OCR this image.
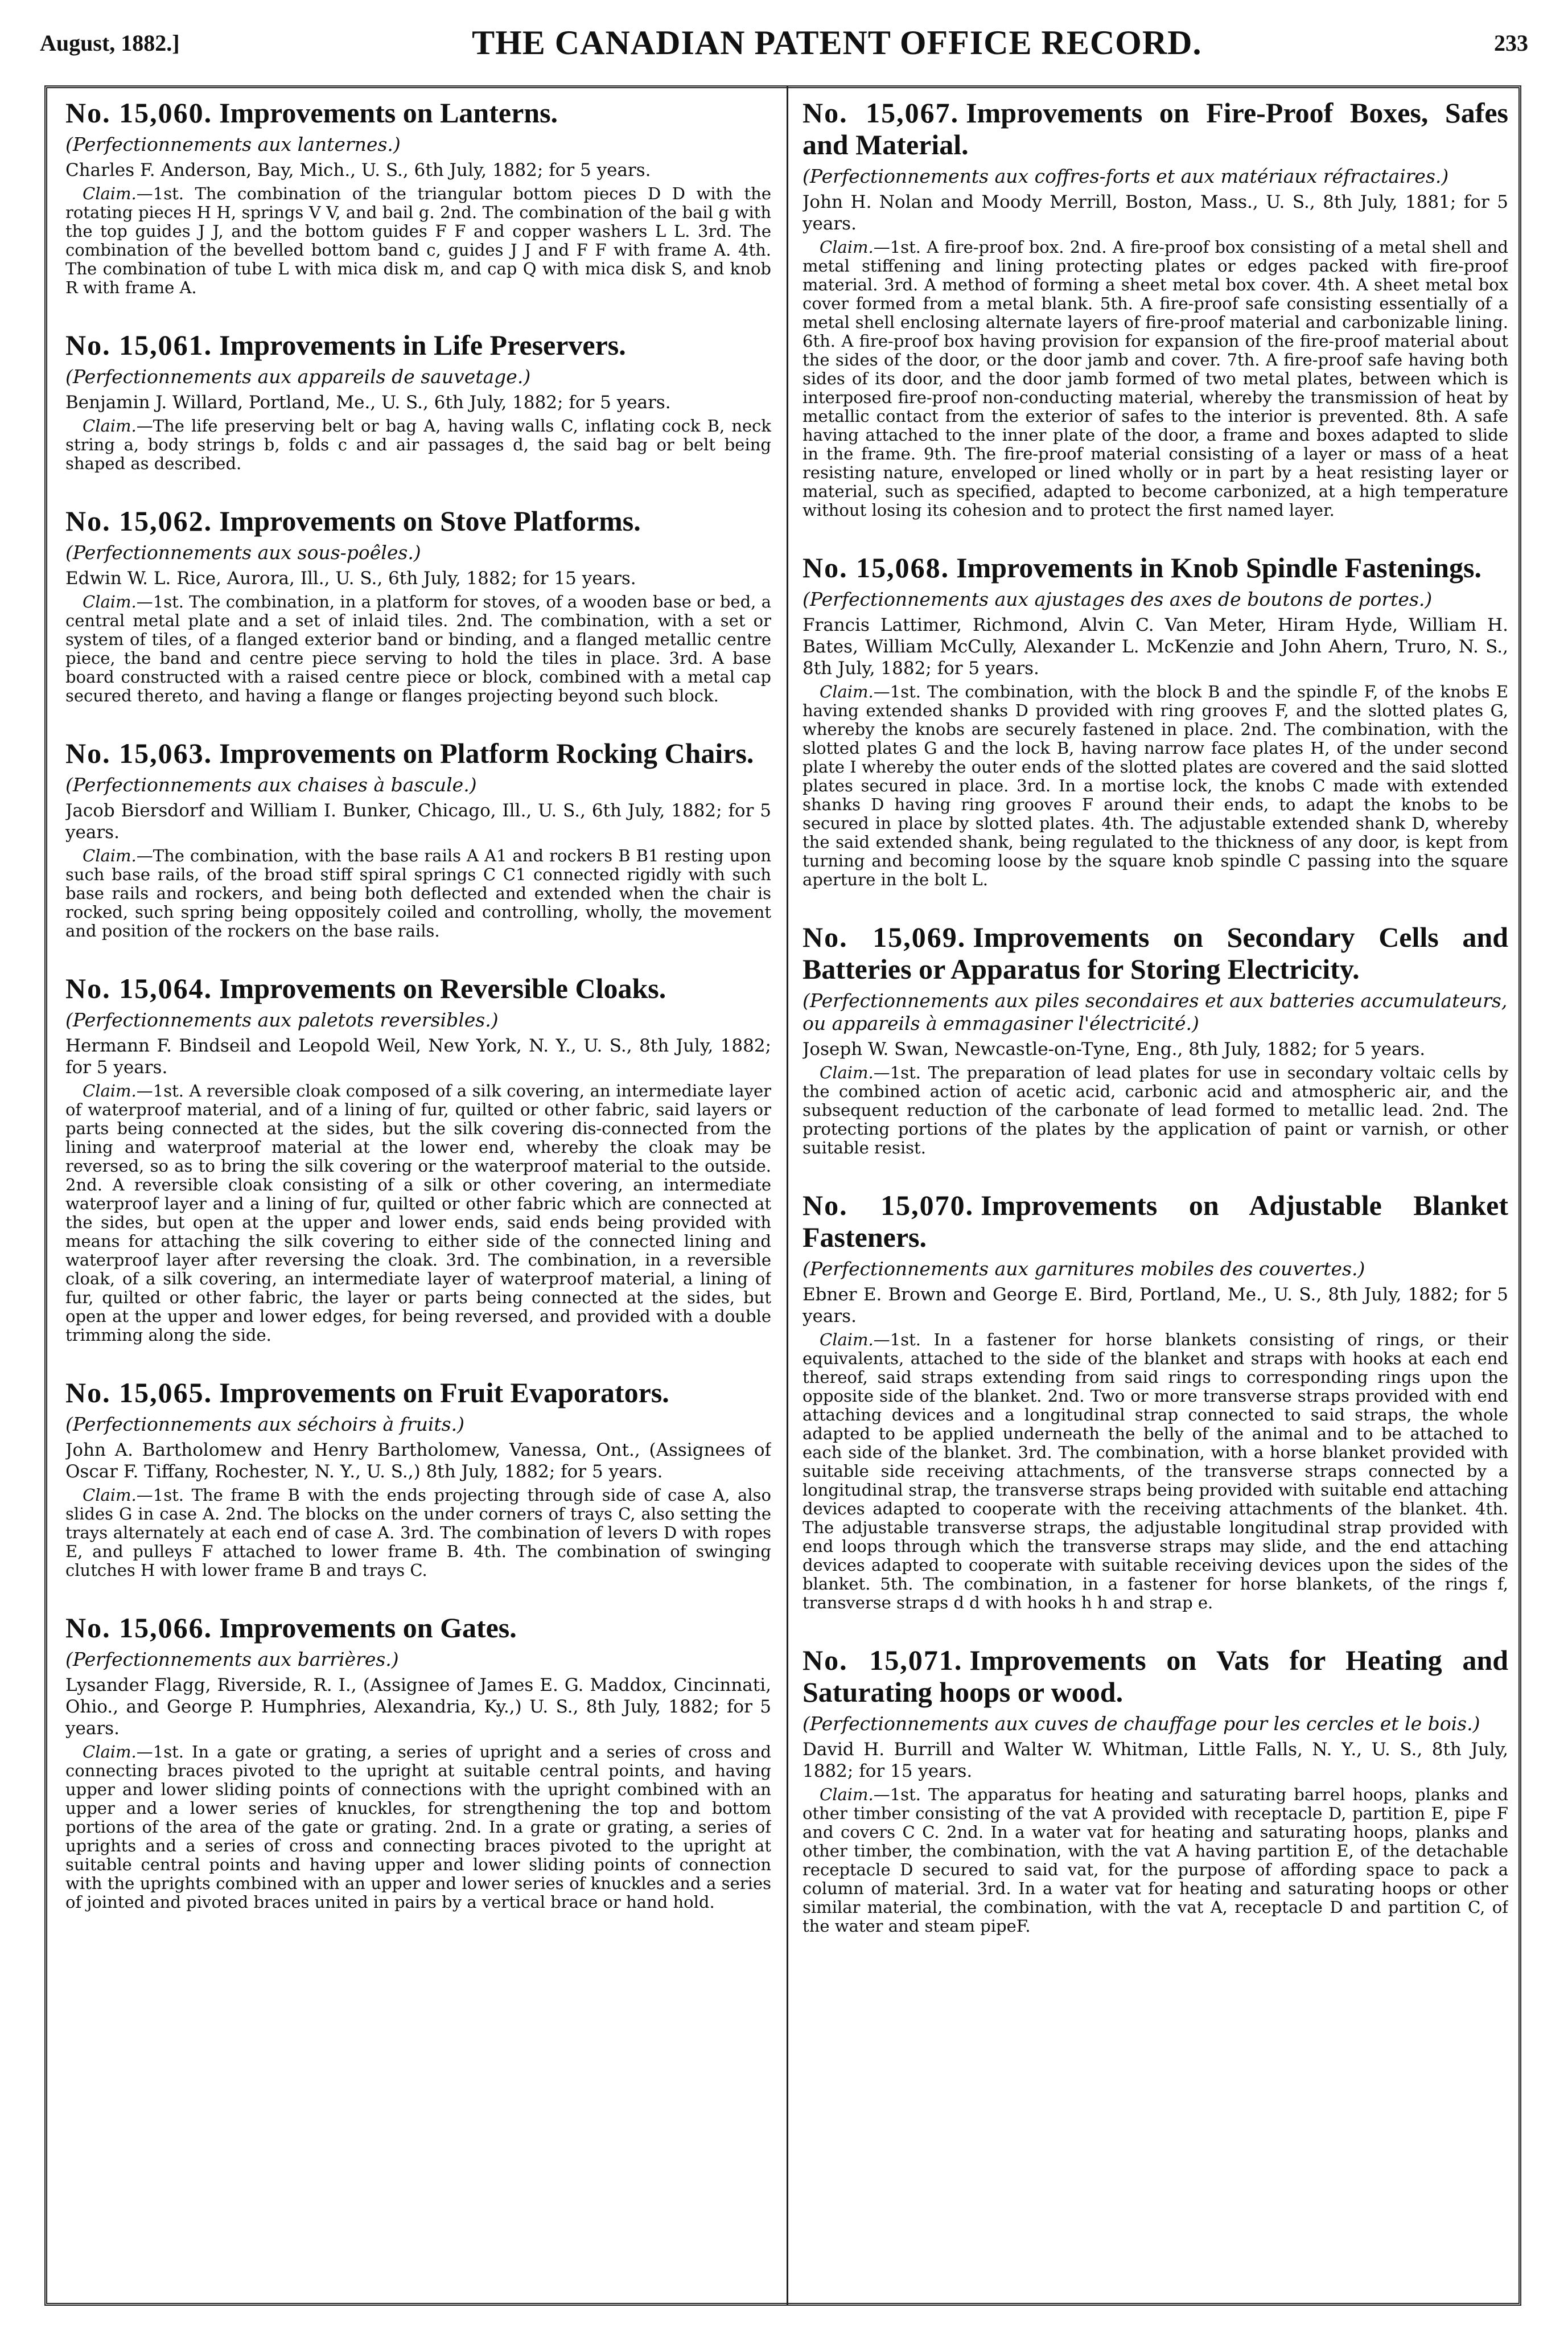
August, 1882.]	THE CANADIAN PATENT OFFICE RECORD.	233
No. 15,060. Improvements on Lanterns.
(Perfectionnements aux lanternes.)
Charles F. Anderson, Bay, Mich., U. S., 6th July, 1882; for 5 years.
Claim.—1st. The combination of the triangular bottom pieces D D with the rotating pieces H H, springs V V, and bail g. 2nd. The combination of the bail g with the top guides J J, and the bottom guides F F and copper washers L L. 3rd. The combination of the bevelled bottom band c, guides J J and F F with frame A. 4th. The combination of tube L with mica disk m, and cap Q with mica disk S, and knob R with frame A.
No. 15,061. Improvements in Life Preservers.
(Perfectionnements aux appareils de sauvetage.)
Benjamin J. Willard, Portland, Me., U. S., 6th July, 1882; for 5 years.
Claim.—The life preserving belt or bag A, having walls C, inflating cock B, neck string a, body strings b, folds c and air passages d, the said bag or belt being shaped as described.
No. 15,062. Improvements on Stove Platforms.
(Perfectionnements aux sous-poêles.)
Edwin W. L. Rice, Aurora, Ill., U. S., 6th July, 1882; for 15 years.
Claim.—1st. The combination, in a platform for stoves, of a wooden base or bed, a central metal plate and a set of inlaid tiles. 2nd. The combination, with a set or system of tiles, of a flanged exterior band or binding, and a flanged metallic centre piece, the band and centre piece serving to hold the tiles in place. 3rd. A base board constructed with a raised centre piece or block, combined with a metal cap secured thereto, and having a flange or flanges projecting beyond such block.
No. 15,063. Improvements on Platform Rocking Chairs.
(Perfectionnements aux chaises à bascule.)
Jacob Biersdorf and William I. Bunker, Chicago, Ill., U. S., 6th July, 1882; for 5 years.
Claim.—The combination, with the base rails A A1 and rockers B B1 resting upon such base rails, of the broad stiff spiral springs C C1 connected rigidly with such base rails and rockers, and being both deflected and extended when the chair is rocked, such spring being oppositely coiled and controlling, wholly, the movement and position of the rockers on the base rails.
No. 15,064. Improvements on Reversible Cloaks.
(Perfectionnements aux paletots reversibles.)
Hermann F. Bindseil and Leopold Weil, New York, N. Y., U. S., 8th July, 1882; for 5 years.
Claim.—1st. A reversible cloak composed of a silk covering, an intermediate layer of waterproof material, and of a lining of fur, quilted or other fabric, said layers or parts being connected at the sides, but the silk covering dis-connected from the lining and waterproof material at the lower end, whereby the cloak may be reversed, so as to bring the silk covering or the waterproof material to the outside. 2nd. A reversible cloak consisting of a silk or other covering, an intermediate waterproof layer and a lining of fur, quilted or other fabric which are connected at the sides, but open at the upper and lower ends, said ends being provided with means for attaching the silk covering to either side of the connected lining and waterproof layer after reversing the cloak. 3rd. The combination, in a reversible cloak, of a silk covering, an intermediate layer of waterproof material, a lining of fur, quilted or other fabric, the layer or parts being connected at the sides, but open at the upper and lower edges, for being reversed, and provided with a double trimming along the side.
No. 15,065. Improvements on Fruit Evaporators.
(Perfectionnements aux séchoirs à fruits.)
John A. Bartholomew and Henry Bartholomew, Vanessa, Ont., (Assignees of Oscar F. Tiffany, Rochester, N. Y., U. S.,) 8th July, 1882; for 5 years.
Claim.—1st. The frame B with the ends projecting through side of case A, also slides G in case A. 2nd. The blocks on the under corners of trays C, also setting the trays alternately at each end of case A. 3rd. The combination of levers D with ropes E, and pulleys F attached to lower frame B. 4th. The combination of swinging clutches H with lower frame B and trays C.
No. 15,066. Improvements on Gates.
(Perfectionnements aux barrières.)
Lysander Flagg, Riverside, R. I., (Assignee of James E. G. Maddox, Cincinnati, Ohio., and George P. Humphries, Alexandria, Ky.,) U. S., 8th July, 1882; for 5 years.
Claim.—1st. In a gate or grating, a series of upright and a series of cross and connecting braces pivoted to the upright at suitable central points, and having upper and lower sliding points of connections with the upright combined with an upper and a lower series of knuckles, for strengthening the top and bottom portions of the area of the gate or grating. 2nd. In a grate or grating, a series of uprights and a series of cross and connecting braces pivoted to the upright at suitable central points and having upper and lower sliding points of connection with the uprights combined with an upper and lower series of knuckles and a series of jointed and pivoted braces united in pairs by a vertical brace or hand hold.
No. 15,067. Improvements on Fire-Proof Boxes, Safes and Material.
(Perfectionnements aux coffres-forts et aux matériaux réfractaires.)
John H. Nolan and Moody Merrill, Boston, Mass., U. S., 8th July, 1881; for 5 years.
Claim.—1st. A fire-proof box. 2nd. A fire-proof box consisting of a metal shell and metal stiffening and lining protecting plates or edges packed with fire-proof material. 3rd. A method of forming a sheet metal box cover. 4th. A sheet metal box cover formed from a metal blank. 5th. A fire-proof safe consisting essentially of a metal shell enclosing alternate layers of fire-proof material and carbonizable lining. 6th. A fire-proof box having provision for expansion of the fire-proof material about the sides of the door, or the door jamb and cover. 7th. A fire-proof safe having both sides of its door, and the door jamb formed of two metal plates, between which is interposed fire-proof non-conducting material, whereby the transmission of heat by metallic contact from the exterior of safes to the interior is prevented. 8th. A safe having attached to the inner plate of the door, a frame and boxes adapted to slide in the frame. 9th. The fire-proof material consisting of a layer or mass of a heat resisting nature, enveloped or lined wholly or in part by a heat resisting layer or material, such as specified, adapted to become carbonized, at a high temperature without losing its cohesion and to protect the first named layer.
No. 15,068. Improvements in Knob Spindle Fastenings.
(Perfectionnements aux ajustages des axes de boutons de portes.)
Francis Lattimer, Richmond, Alvin C. Van Meter, Hiram Hyde, William H. Bates, William McCully, Alexander L. McKenzie and John Ahern, Truro, N. S., 8th July, 1882; for 5 years.
Claim.—1st. The combination, with the block B and the spindle F, of the knobs E having extended shanks D provided with ring grooves F, and the slotted plates G, whereby the knobs are securely fastened in place. 2nd. The combination, with the slotted plates G and the lock B, having narrow face plates H, of the under second plate I whereby the outer ends of the slotted plates are covered and the said slotted plates secured in place. 3rd. In a mortise lock, the knobs C made with extended shanks D having ring grooves F around their ends, to adapt the knobs to be secured in place by slotted plates. 4th. The adjustable extended shank D, whereby the said extended shank, being regulated to the thickness of any door, is kept from turning and becoming loose by the square knob spindle C passing into the square aperture in the bolt L.
No. 15,069. Improvements on Secondary Cells and Batteries or Apparatus for Storing Electricity.
(Perfectionnements aux piles secondaires et aux batteries accumulateurs, ou appareils à emmagasiner l'électricité.)
Joseph W. Swan, Newcastle-on-Tyne, Eng., 8th July, 1882; for 5 years.
Claim.—1st. The preparation of lead plates for use in secondary voltaic cells by the combined action of acetic acid, carbonic acid and atmospheric air, and the subsequent reduction of the carbonate of lead formed to metallic lead. 2nd. The protecting portions of the plates by the application of paint or varnish, or other suitable resist.
No. 15,070. Improvements on Adjustable Blanket Fasteners.
(Perfectionnements aux garnitures mobiles des couvertes.)
Ebner E. Brown and George E. Bird, Portland, Me., U. S., 8th July, 1882; for 5 years.
Claim.—1st. In a fastener for horse blankets consisting of rings, or their equivalents, attached to the side of the blanket and straps with hooks at each end thereof, said straps extending from said rings to corresponding rings upon the opposite side of the blanket. 2nd. Two or more transverse straps provided with end attaching devices and a longitudinal strap connected to said straps, the whole adapted to be applied underneath the belly of the animal and to be attached to each side of the blanket. 3rd. The combination, with a horse blanket provided with suitable side receiving attachments, of the transverse straps connected by a longitudinal strap, the transverse straps being provided with suitable end attaching devices adapted to cooperate with the receiving attachments of the blanket. 4th. The adjustable transverse straps, the adjustable longitudinal strap provided with end loops through which the transverse straps may slide, and the end attaching devices adapted to cooperate with suitable receiving devices upon the sides of the blanket. 5th. The combination, in a fastener for horse blankets, of the rings f, transverse straps d d with hooks h h and strap e.
No. 15,071. Improvements on Vats for Heating and Saturating hoops or wood.
(Perfectionnements aux cuves de chauffage pour les cercles et le bois.)
David H. Burrill and Walter W. Whitman, Little Falls, N. Y., U. S., 8th July, 1882; for 15 years.
Claim.—1st. The apparatus for heating and saturating barrel hoops, planks and other timber consisting of the vat A provided with receptacle D, partition E, pipe F and covers C C. 2nd. In a water vat for heating and saturating hoops, planks and other timber, the combination, with the vat A having partition E, of the detachable receptacle D secured to said vat, for the purpose of affording space to pack a column of material. 3rd. In a water vat for heating and saturating hoops or other similar material, the combination, with the vat A, receptacle D and partition C, of the water and steam pipeF.
